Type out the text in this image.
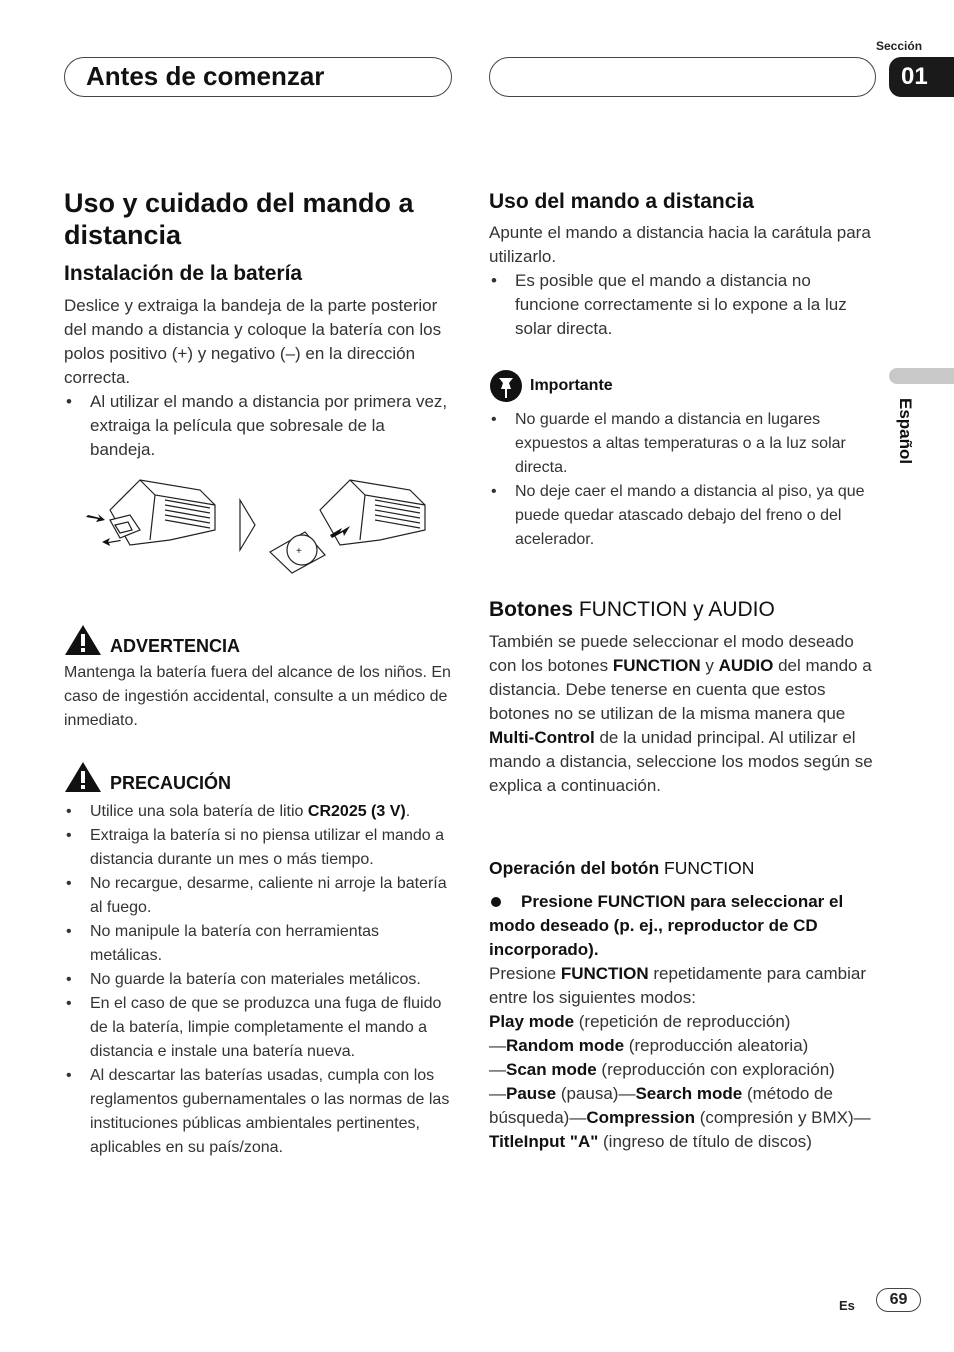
Antes de comenzar
Sección
01
Uso y cuidado del mando a distancia
Instalación de la batería

Deslice y extraiga la bandeja de la parte posterior del mando a distancia y coloque la batería con los polos positivo (+) y negativo (–) en la dirección correcta.

• Al utilizar el mando a distancia por primera vez, extraiga la película que sobresale de la bandeja.
+
ADVERTENCIA
Mantenga la batería fuera del alcance de los niños. En caso de ingestión accidental, consulte a un médico de inmediato.
PRECAUCIÓN
• Utilice una sola batería de litio CR2025 (3 V).
• Extraiga la batería si no piensa utilizar el mando a distancia durante un mes o más tiempo.
• No recargue, desarme, caliente ni arroje la batería al fuego.
• No manipule la batería con herramientas metálicas.
• No guarde la batería con materiales metálicos.
• En el caso de que se produzca una fuga de fluido de la batería, limpie completamente el mando a distancia e instale una batería nueva.
• Al descartar las baterías usadas, cumpla con los reglamentos gubernamentales o las normas de las instituciones públicas ambientales pertinentes, aplicables en su país/zona.
Uso del mando a distancia

Apunte el mando a distancia hacia la carátula para utilizarlo.

• Es posible que el mando a distancia no funcione correctamente si lo expone a la luz solar directa.
Importante
• No guarde el mando a distancia en lugares expuestos a altas temperaturas o a la luz solar directa.
• No deje caer el mando a distancia al piso, ya que puede quedar atascado debajo del freno o del acelerador.
Botones FUNCTION y AUDIO
También se puede seleccionar el modo deseado con los botones FUNCTION y AUDIO del mando a distancia. Debe tenerse en cuenta que estos botones no se utilizan de la misma manera que Multi-Control de la unidad principal. Al utilizar el mando a distancia, seleccione los modos según se explica a continuación.
Operación del botón FUNCTION
Presione FUNCTION para seleccionar el modo deseado (p. ej., reproductor de CD incorporado).

Presione FUNCTION repetidamente para cambiar entre los siguientes modos:

Play mode (repetición de reproducción)
—Random mode (reproducción aleatoria)
—Scan mode (reproducción con exploración)
—Pause (pausa)—Search mode (método de búsqueda)—Compression (compresión y BMX)—TitleInput "A" (ingreso de título de discos)

Español
Es	69
